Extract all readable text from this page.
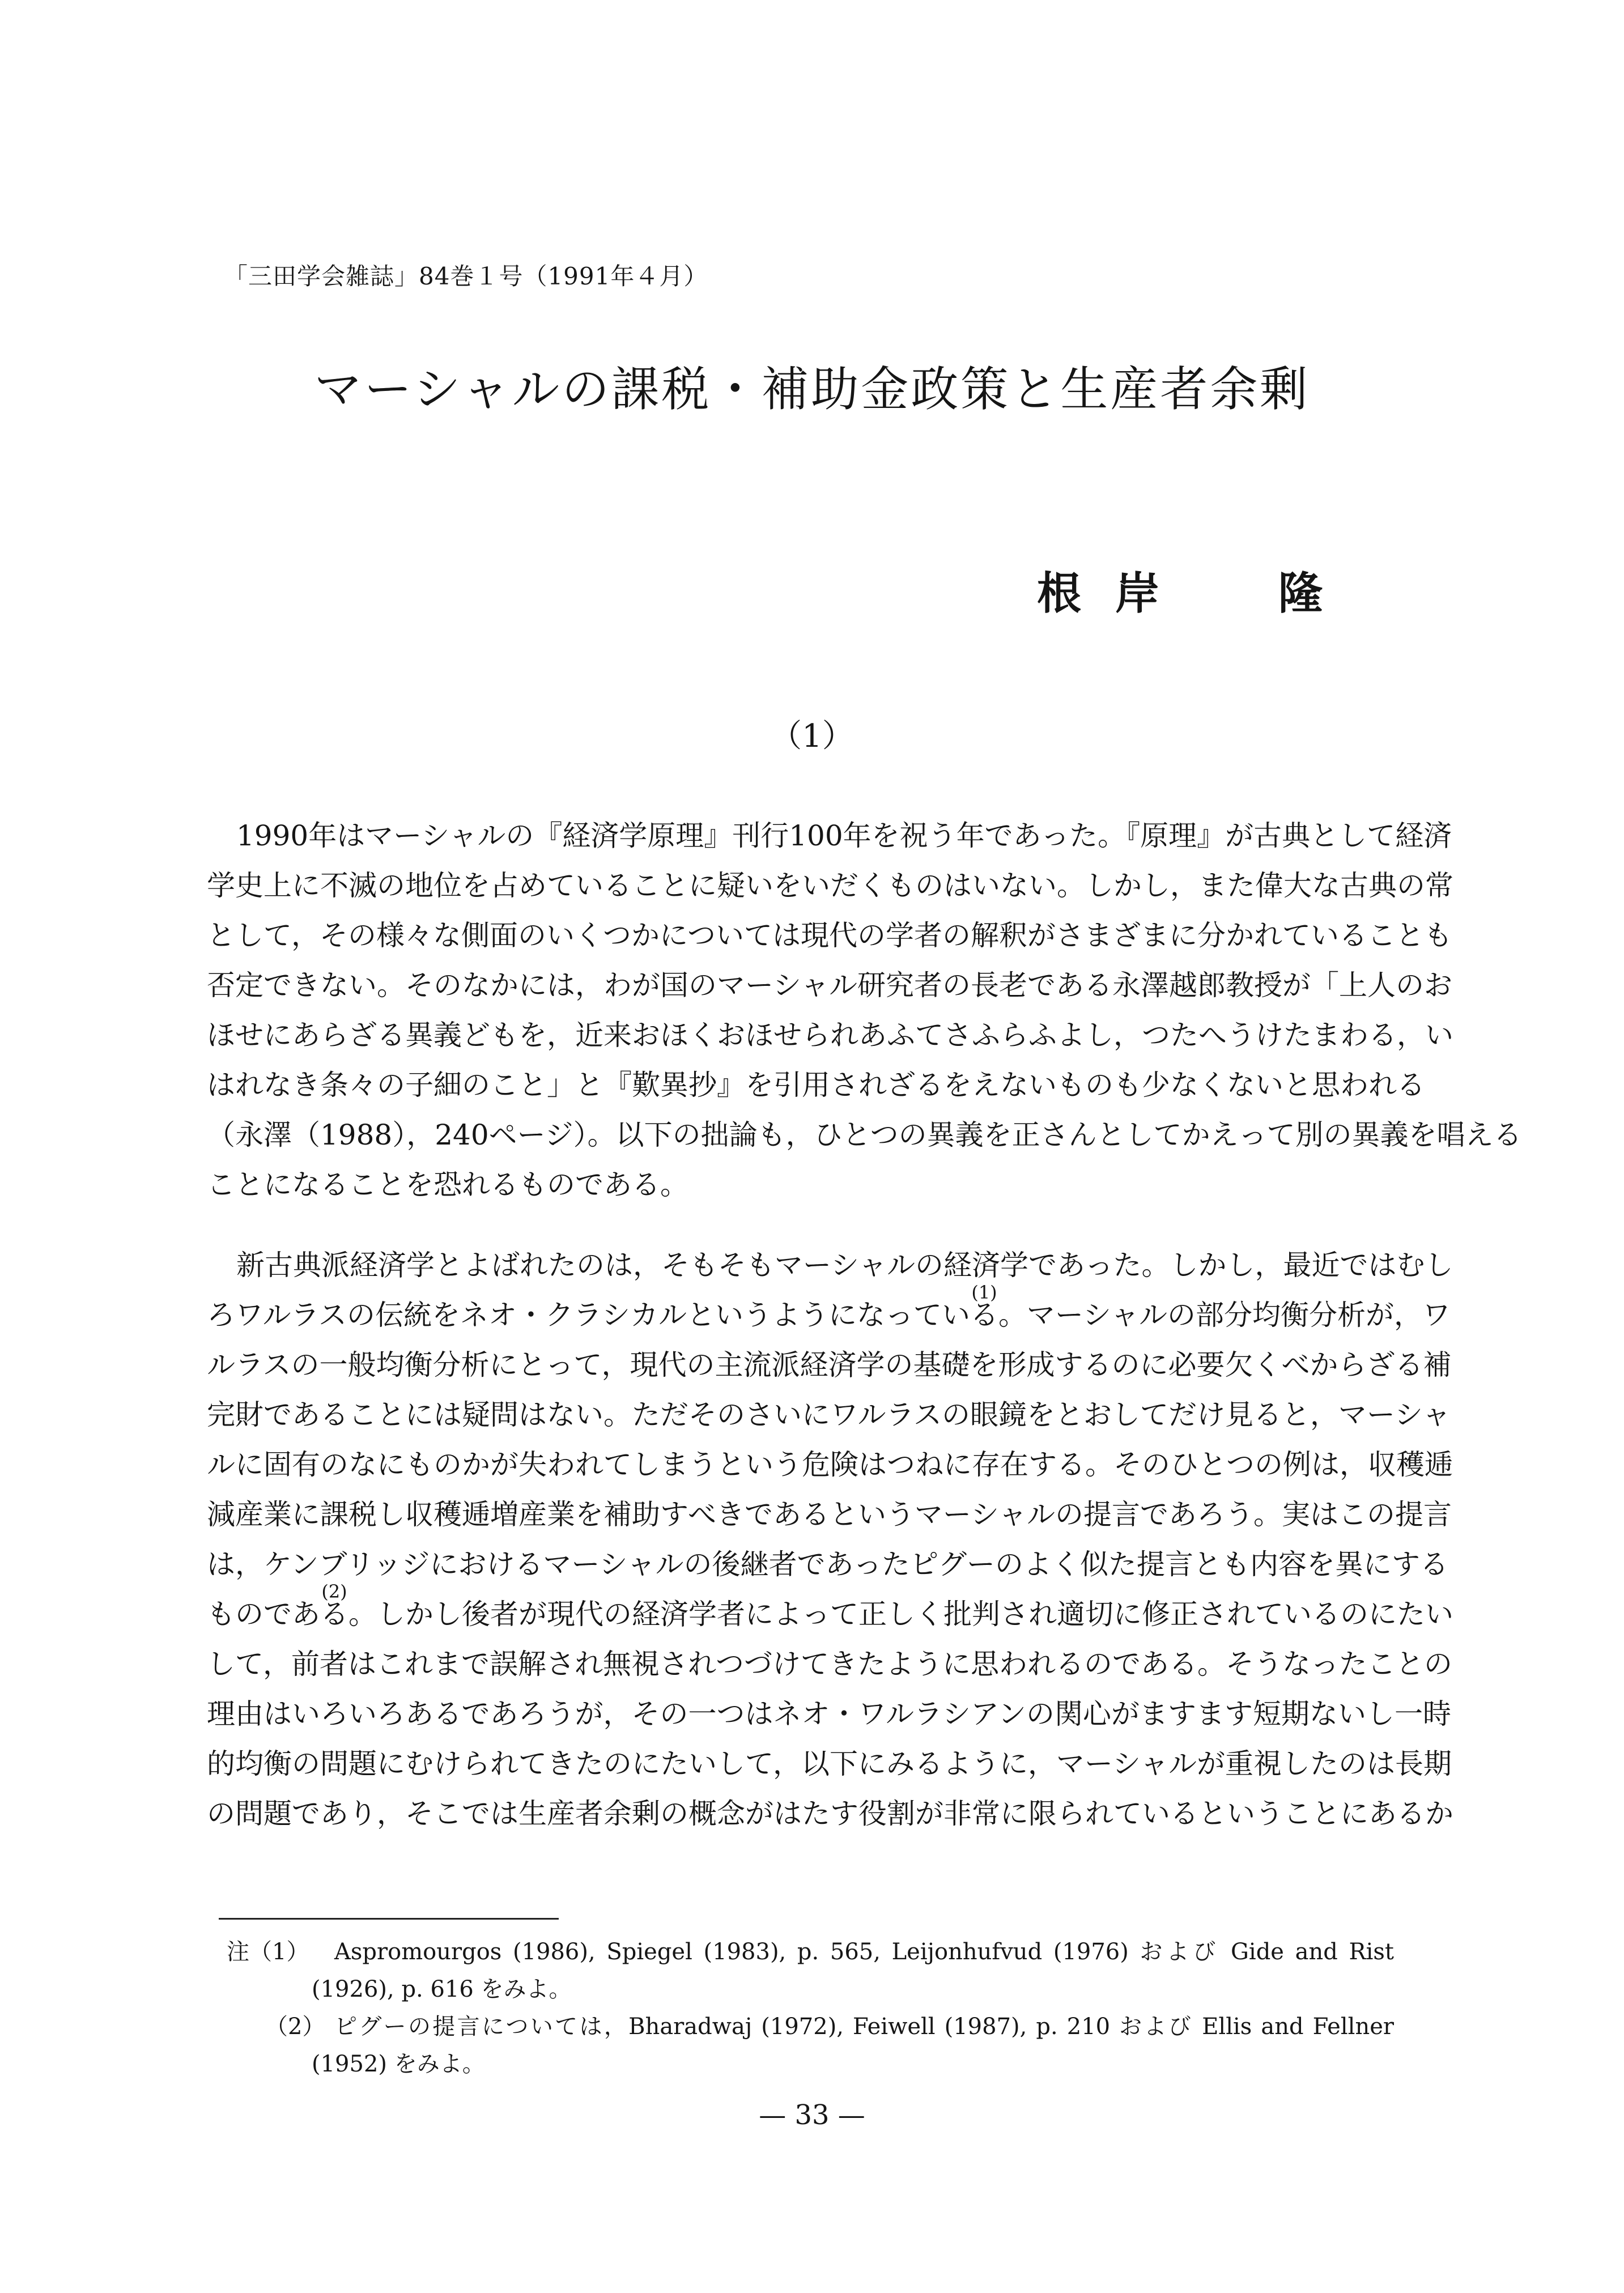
「三田学会雑誌」84巻１号（1991年４月）
マーシャルの課税・補助金政策と生産者余剰
根 岸	隆
（1）
1990年はマーシャルの『経済学原理』刊行100年を祝う年であった。『原理』が古典として経済
学史上に不滅の地位を占めていることに疑いをいだくものはいない。しかし，また偉大な古典の常
として，その様々な側面のいくつかについては現代の学者の解釈がさまざまに分かれていることも
否定できない。そのなかには，わが国のマーシャル研究者の長老である永澤越郎教授が「上人のお
ほせにあらざる異義どもを，近来おほくおほせられあふてさふらふよし，つたへうけたまわる，い
はれなき条々の子細のこと」と『歎異抄』を引用されざるをえないものも少なくないと思われる
（永澤（1988），240ページ）。以下の拙論も，ひとつの異義を正さんとしてかえって別の異義を唱える
ことになることを恐れるものである。
新古典派経済学とよばれたのは，そもそもマーシャルの経済学であった。しかし，最近ではむし
ろワルラスの伝統をネオ・クラシカルというようになってい
(1)
る。マーシャルの部分均衡分析が，ワ
ルラスの一般均衡分析にとって，現代の主流派経済学の基礎を形成するのに必要欠くべからざる補
完財であることには疑問はない。ただそのさいにワルラスの眼鏡をとおしてだけ見ると，マーシャ
ルに固有のなにものかが失われてしまうという危険はつねに存在する。そのひとつの例は，収穫逓
減産業に課税し収穫逓増産業を補助すべきであるというマーシャルの提言であろう。実はこの提言
は，ケンブリッジにおけるマーシャルの後継者であったピグーのよく似た提言とも内容を異にする
ものであ
(2)
る。しかし後者が現代の経済学者によって正しく批判され適切に修正されているのにたい
して，前者はこれまで誤解され無視されつづけてきたように思われるのである。そうなったことの
理由はいろいろあるであろうが，その一つはネオ・ワルラシアンの関心がますます短期ないし一時
的均衡の問題にむけられてきたのにたいして，以下にみるように，マーシャルが重視したのは長期
の問題であり，そこでは生産者余剰の概念がはたす役割が非常に限られているということにあるか
注（1） Aspromourgos (1986), Spiegel (1983), p. 565, Leijonhufvud (1976) および Gide and Rist
(1926), p. 616 をみよ。
（2） ピグーの提言については，Bharadwaj (1972), Feiwell (1987), p. 210 および Ellis and Fellner
(1952) をみよ。
— 33 —
